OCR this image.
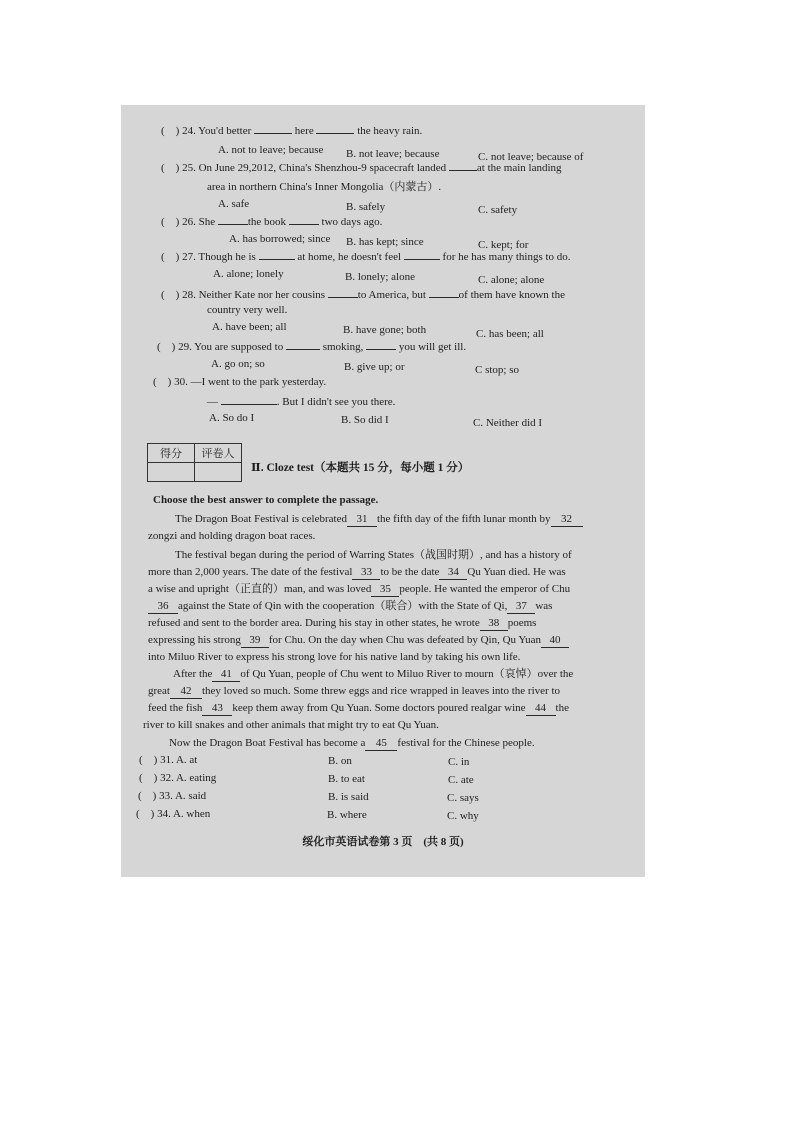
(    ) 24. You'd better	here	the heavy rain.
A. not to leave; because B. not leave; because	C. not leave; because of
(    ) 25. On June 29,2012, China's Shenzhou-9 spacecraft landed	at the main landing
area in northern China's Inner Mongolia（内蒙古）.
A. safe	B. safely	C. safety
(    ) 26. She	the book	two days ago.
A. has borrowed; since B. has kept; since	C. kept; for
(    ) 27. Though he is	at home, he doesn't feel	for he has many things to do.
A. alone; lonely	B. lonely; alone	C. alone; alone
(    ) 28. Neither Kate nor her cousins	to America, but	of them have known the
country very well.
A. have been; all	B. have gone; both	C. has been; all
(    ) 29. You are supposed to	smoking,	you will get ill.
A. go on; so	B. give up; or	C stop; so
(    ) 30. —I went to the park yesterday.
—	. But I didn't see you there.
A. So do I	B. So did I	C. Neither did I
得分	评卷人

Ⅱ. Cloze test（本题共 15 分，每小题 1 分）
Choose the best answer to complete the passage.
The Dragon Boat Festival is celebrated 31 the fifth day of the fifth lunar month by 32
zongzi and holding dragon boat races.
The festival began during the period of Warring States（战国时期）, and has a history of
more than 2,000 years. The date of the festival 33 to be the date 34 Qu Yuan died. He was
a wise and upright（正直的）man, and was loved 35 people. He wanted the emperor of Chu
36 against the State of Qin with the cooperation（联合）with the State of Qi, 37 was
refused and sent to the border area. During his stay in other states, he wrote 38 poems
expressing his strong 39 for Chu. On the day when Chu was defeated by Qin, Qu Yuan 40
into Miluo River to express his strong love for his native land by taking his own life.
After the 41 of Qu Yuan, people of Chu went to Miluo River to mourn（哀悼）over the
great 42 they loved so much. Some threw eggs and rice wrapped in leaves into the river to
feed the fish 43 keep them away from Qu Yuan. Some doctors poured realgar wine 44 the
river to kill snakes and other animals that might try to eat Qu Yuan.
Now the Dragon Boat Festival has become a 45 festival for the Chinese people.
(    ) 31. A. at	B. on	C. in
(    ) 32. A. eating	B. to eat	C. ate
(    ) 33. A. said	B. is said	C. says
(    ) 34. A. when	B. where	C. why
绥化市英语试卷第 3 页　(共 8 页)
